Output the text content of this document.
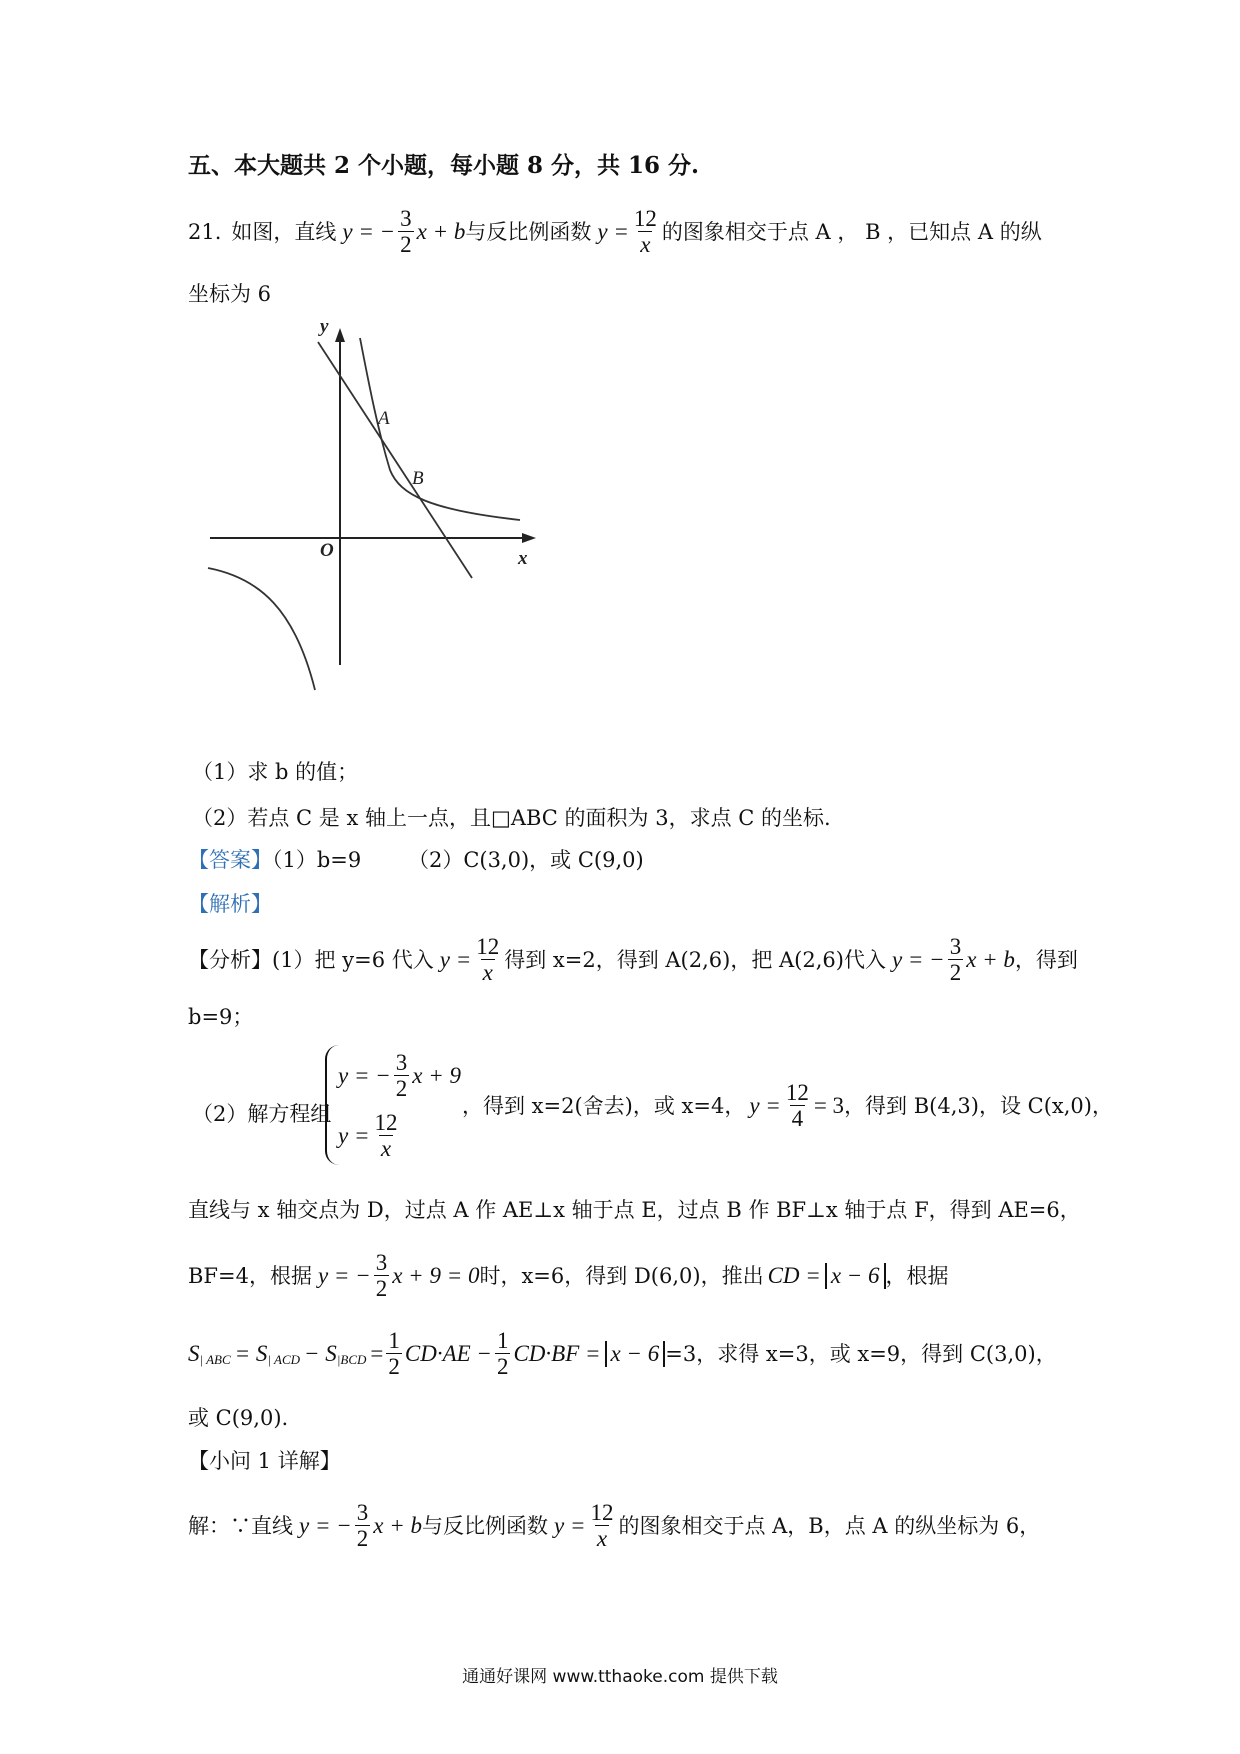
五、本大题共 2 个小题，每小题 8 分，共 16 分.
21. 如图，直线 y = − $\frac{3}{2}$ x + b 与反比例函数 $y = \frac{12}{x}$ 的图象相交于点 A ， B ，已知点 A 的纵
坐标为 6
y
x
O
A
B
（1）求 b 的值；
（2）若点 C 是 x 轴上一点，且□ABC 的面积为 3，求点 C 的坐标.
【答案】（1）b=9 （2）C(3,0)，或 C(9,0)
【解析】
【分析】(1）把 y=6 代入 $y = \frac{12}{x}$ 得到 x=2，得到 A(2,6)，把 A(2,6)代入 y = − $\frac{3}{2}$ x + b ，得到
b=9；
（2）解方程组
y = − $\frac{3}{2}$ x + 9
$y = \frac{12}{x}$
，得到 x=2(舍去)，或 x=4， $y = \frac{12}{4} = 3$ ，得到 B(4,3)，设 C(x,0)，
直线与 x 轴交点为 D，过点 A 作 AE⊥x 轴于点 E，过点 B 作 BF⊥x 轴于点 F，得到 AE=6，
BF=4，根据 y = − $\frac{3}{2}$ x + 9 = 0 时，x=6，得到 D(6,0)，推出 CD = x − 6 ，根据
S | ABC = S | ACD − S $|BCD = \frac{1}{2} CD\cdot AE - \frac{1}{2} CD\cdot BF = x - 6 =3$，求得 x=3，或 x=9，得到 C(3,0)，
或 C(9,0).
【小问 1 详解】
解：∵直线 y = − $\frac{3}{2}$ x + b 与反比例函数 $y = \frac{12}{x}$ 的图象相交于点 A，B，点 A 的纵坐标为 6，
通通好课网 www.tthaoke.com 提供下载
